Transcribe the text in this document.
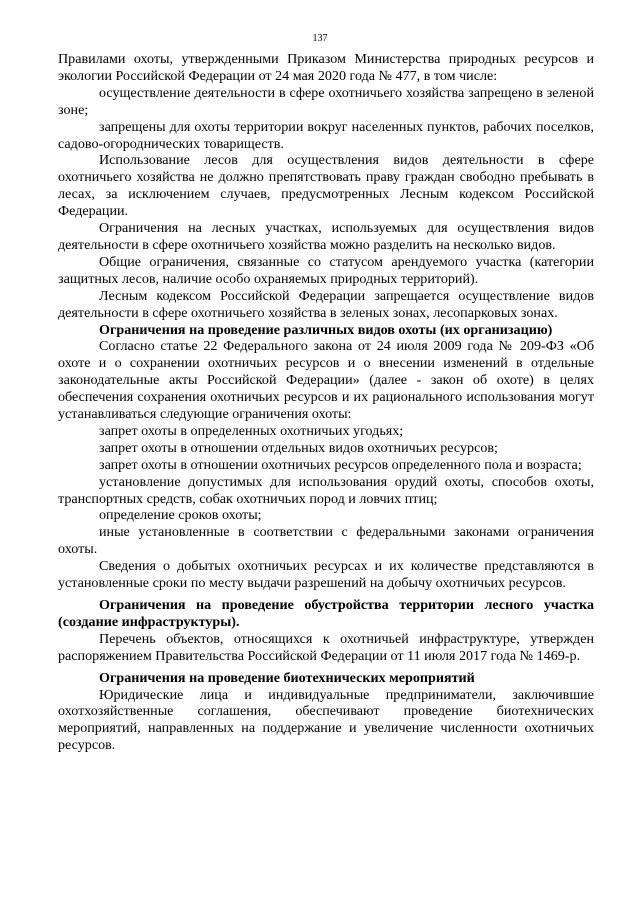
137

Правилами охоты, утвержденными Приказом Министерства природных ресурсов и экологии Российской Федерации от 24 мая 2020 года № 477, в том числе:

осуществление деятельности в сфере охотничьего хозяйства запрещено в зеленой зоне;

запрещены для охоты территории вокруг населенных пунктов, рабочих поселков, садово-огороднических товариществ.

Использование лесов для осуществления видов деятельности в сфере охотничьего хозяйства не должно препятствовать праву граждан свободно пребывать в лесах, за исключением случаев, предусмотренных Лесным кодексом Российской Федерации.

Ограничения на лесных участках, используемых для осуществления видов деятельности в сфере охотничьего хозяйства можно разделить на несколько видов.

Общие ограничения, связанные со статусом арендуемого участка (категории защитных лесов, наличие особо охраняемых природных территорий).

Лесным кодексом Российской Федерации запрещается осуществление видов деятельности в сфере охотничьего хозяйства в зеленых зонах, лесопарковых зонах.

Ограничения на проведение различных видов охоты (их организацию)

Согласно статье 22 Федерального закона от 24 июля 2009 года № 209-ФЗ «Об охоте и о сохранении охотничьих ресурсов и о внесении изменений в отдельные законодательные акты Российской Федерации» (далее - закон об охоте) в целях обеспечения сохранения охотничьих ресурсов и их рационального использования могут устанавливаться следующие ограничения охоты:

запрет охоты в определенных охотничьих угодьях;

запрет охоты в отношении отдельных видов охотничьих ресурсов;

запрет охоты в отношении охотничьих ресурсов определенного пола и возраста;

установление допустимых для использования орудий охоты, способов охоты, транспортных средств, собак охотничьих пород и ловчих птиц;

определение сроков охоты;

иные установленные в соответствии с федеральными законами ограничения охоты.

Сведения о добытых охотничьих ресурсах и их количестве представляются в установленные сроки по месту выдачи разрешений на добычу охотничьих ресурсов.

Ограничения на проведение обустройства территории лесного участка (создание инфраструктуры).

Перечень объектов, относящихся к охотничьей инфраструктуре, утвержден распоряжением Правительства Российской Федерации от 11 июля 2017 года № 1469-р.

Ограничения на проведение биотехнических мероприятий

Юридические лица и индивидуальные предприниматели, заключившие охотхозяйственные соглашения, обеспечивают проведение биотехнических мероприятий, направленных на поддержание и увеличение численности охотничьих ресурсов.
